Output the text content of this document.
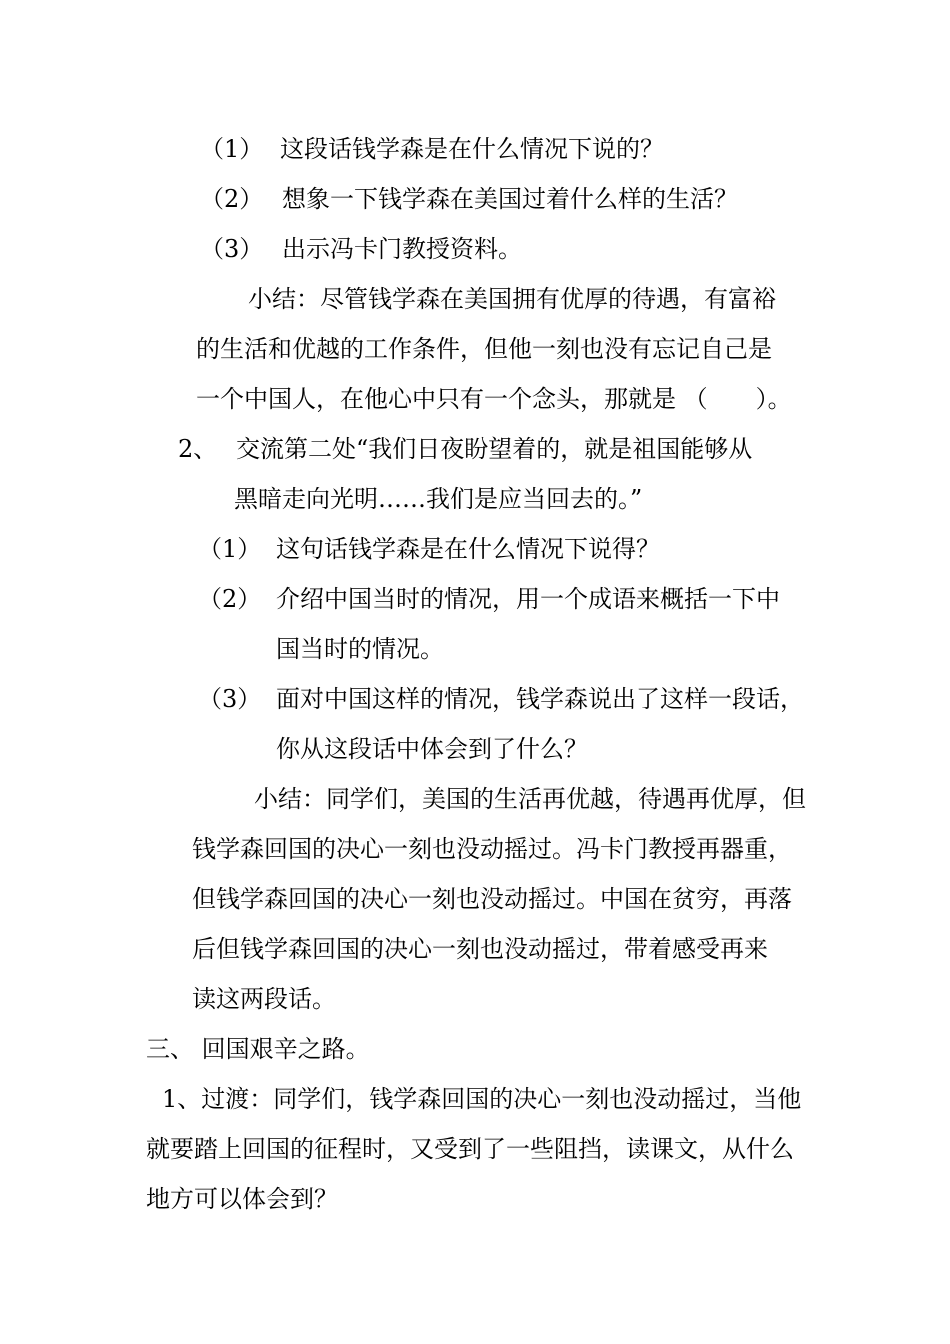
（1） 这段话钱学森是在什么情况下说的？
（2） 想象一下钱学森在美国过着什么样的生活？
（3） 出示冯卡门教授资料。
小结：尽管钱学森在美国拥有优厚的待遇，有富裕
的生活和优越的工作条件，但他一刻也没有忘记自己是
一个中国人，在他心中只有一个念头，那就是 （　　）。
2、 交流第二处“我们日夜盼望着的，就是祖国能够从
黑暗走向光明……我们是应当回去的。”
（1） 这句话钱学森是在什么情况下说得？
（2） 介绍中国当时的情况，用一个成语来概括一下中
国当时的情况。
（3） 面对中国这样的情况，钱学森说出了这样一段话，
你从这段话中体会到了什么？
小结：同学们，美国的生活再优越，待遇再优厚，但
钱学森回国的决心一刻也没动摇过。冯卡门教授再器重，
但钱学森回国的决心一刻也没动摇过。中国在贫穷，再落
后但钱学森回国的决心一刻也没动摇过，带着感受再来
读这两段话。
三、 回国艰辛之路。
1、过渡：同学们，钱学森回国的决心一刻也没动摇过，当他
就要踏上回国的征程时，又受到了一些阻挡，读课文，从什么
地方可以体会到？
